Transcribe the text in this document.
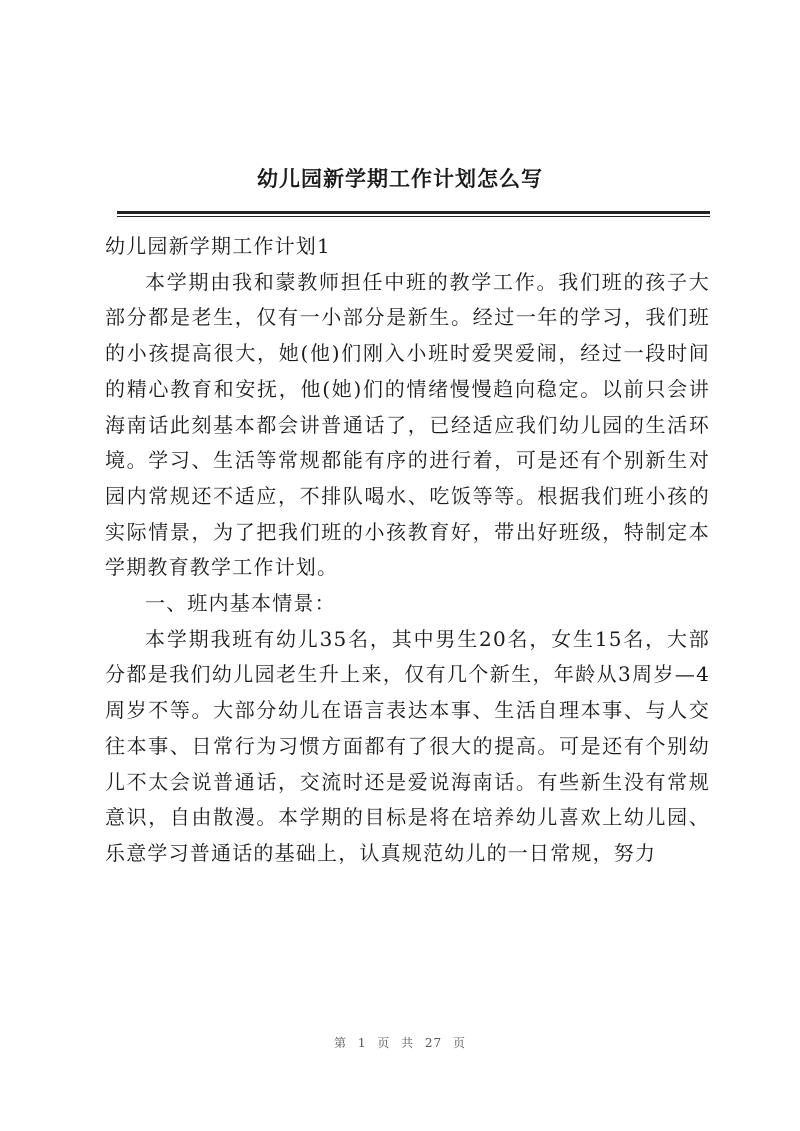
幼儿园新学期工作计划怎么写

幼儿园新学期工作计划1

本学期由我和蒙教师担任中班的教学工作。我们班的孩子大部分都是老生，仅有一小部分是新生。经过一年的学习，我们班的小孩提高很大，她(他)们刚入小班时爱哭爱闹，经过一段时间的精心教育和安抚，他(她)们的情绪慢慢趋向稳定。以前只会讲海南话此刻基本都会讲普通话了，已经适应我们幼儿园的生活环境。学习、生活等常规都能有序的进行着，可是还有个别新生对园内常规还不适应，不排队喝水、吃饭等等。根据我们班小孩的实际情景，为了把我们班的小孩教育好，带出好班级，特制定本学期教育教学工作计划。

一、班内基本情景：

本学期我班有幼儿35名，其中男生20名，女生15名，大部分都是我们幼儿园老生升上来，仅有几个新生，年龄从3周岁—4周岁不等。大部分幼儿在语言表达本事、生活自理本事、与人交往本事、日常行为习惯方面都有了很大的提高。可是还有个别幼儿不太会说普通话，交流时还是爱说海南话。有些新生没有常规意识，自由散漫。本学期的目标是将在培养幼儿喜欢上幼儿园、乐意学习普通话的基础上，认真规范幼儿的一日常规，努力

第 1 页 共 27 页
